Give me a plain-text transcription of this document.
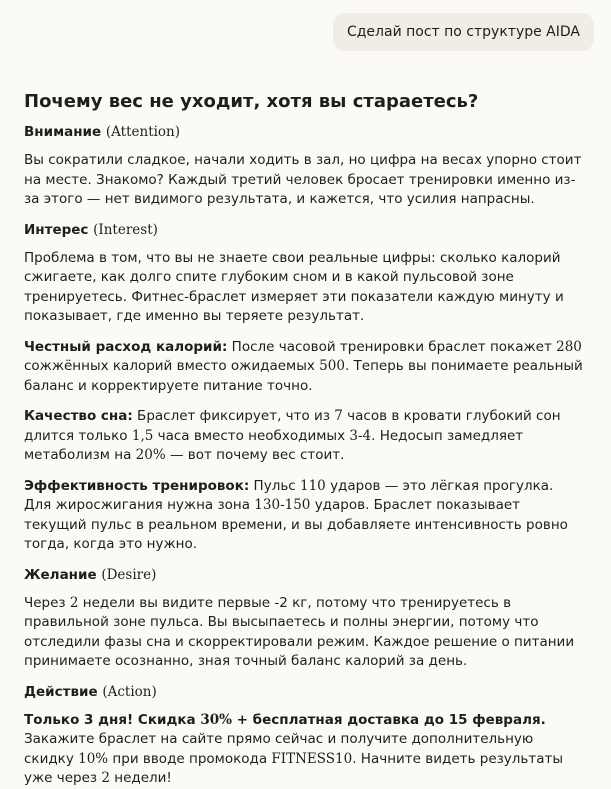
Сделай пост по структуре AIDA
Почему вес не уходит, хотя вы стараетесь?
Внимание (Attention)

Вы сократили сладкое, начали ходить в зал, но цифра на весах упорно стоит на месте. Знакомо? Каждый третий человек бросает тренировки именно из-за этого — нет видимого результата, и кажется, что усилия напрасны.

Интерес (Interest)

Проблема в том, что вы не знаете свои реальные цифры: сколько калорий сжигаете, как долго спите глубоким сном и в какой пульсовой зоне тренируетесь. Фитнес-браслет измеряет эти показатели каждую минуту и показывает, где именно вы теряете результат.

Честный расход калорий: После часовой тренировки браслет покажет 280 сожжённых калорий вместо ожидаемых 500. Теперь вы понимаете реальный баланс и корректируете питание точно.

Качество сна: Браслет фиксирует, что из 7 часов в кровати глубокий сон длится только 1,5 часа вместо необходимых 3-4. Недосып замедляет метаболизм на 20% — вот почему вес стоит.

Эффективность тренировок: Пульс 110 ударов — это лёгкая прогулка. Для жиросжигания нужна зона 130-150 ударов. Браслет показывает текущий пульс в реальном времени, и вы добавляете интенсивность ровно тогда, когда это нужно.

Желание (Desire)

Через 2 недели вы видите первые -2 кг, потому что тренируетесь в правильной зоне пульса. Вы высыпаетесь и полны энергии, потому что отследили фазы сна и скорректировали режим. Каждое решение о питании принимаете осознанно, зная точный баланс калорий за день.

Действие (Action)

Только 3 дня! Скидка 30% + бесплатная доставка до 15 февраля.
Закажите браслет на сайте прямо сейчас и получите дополнительную скидку 10% при вводе промокода FITNESS10. Начните видеть результаты уже через 2 недели!
